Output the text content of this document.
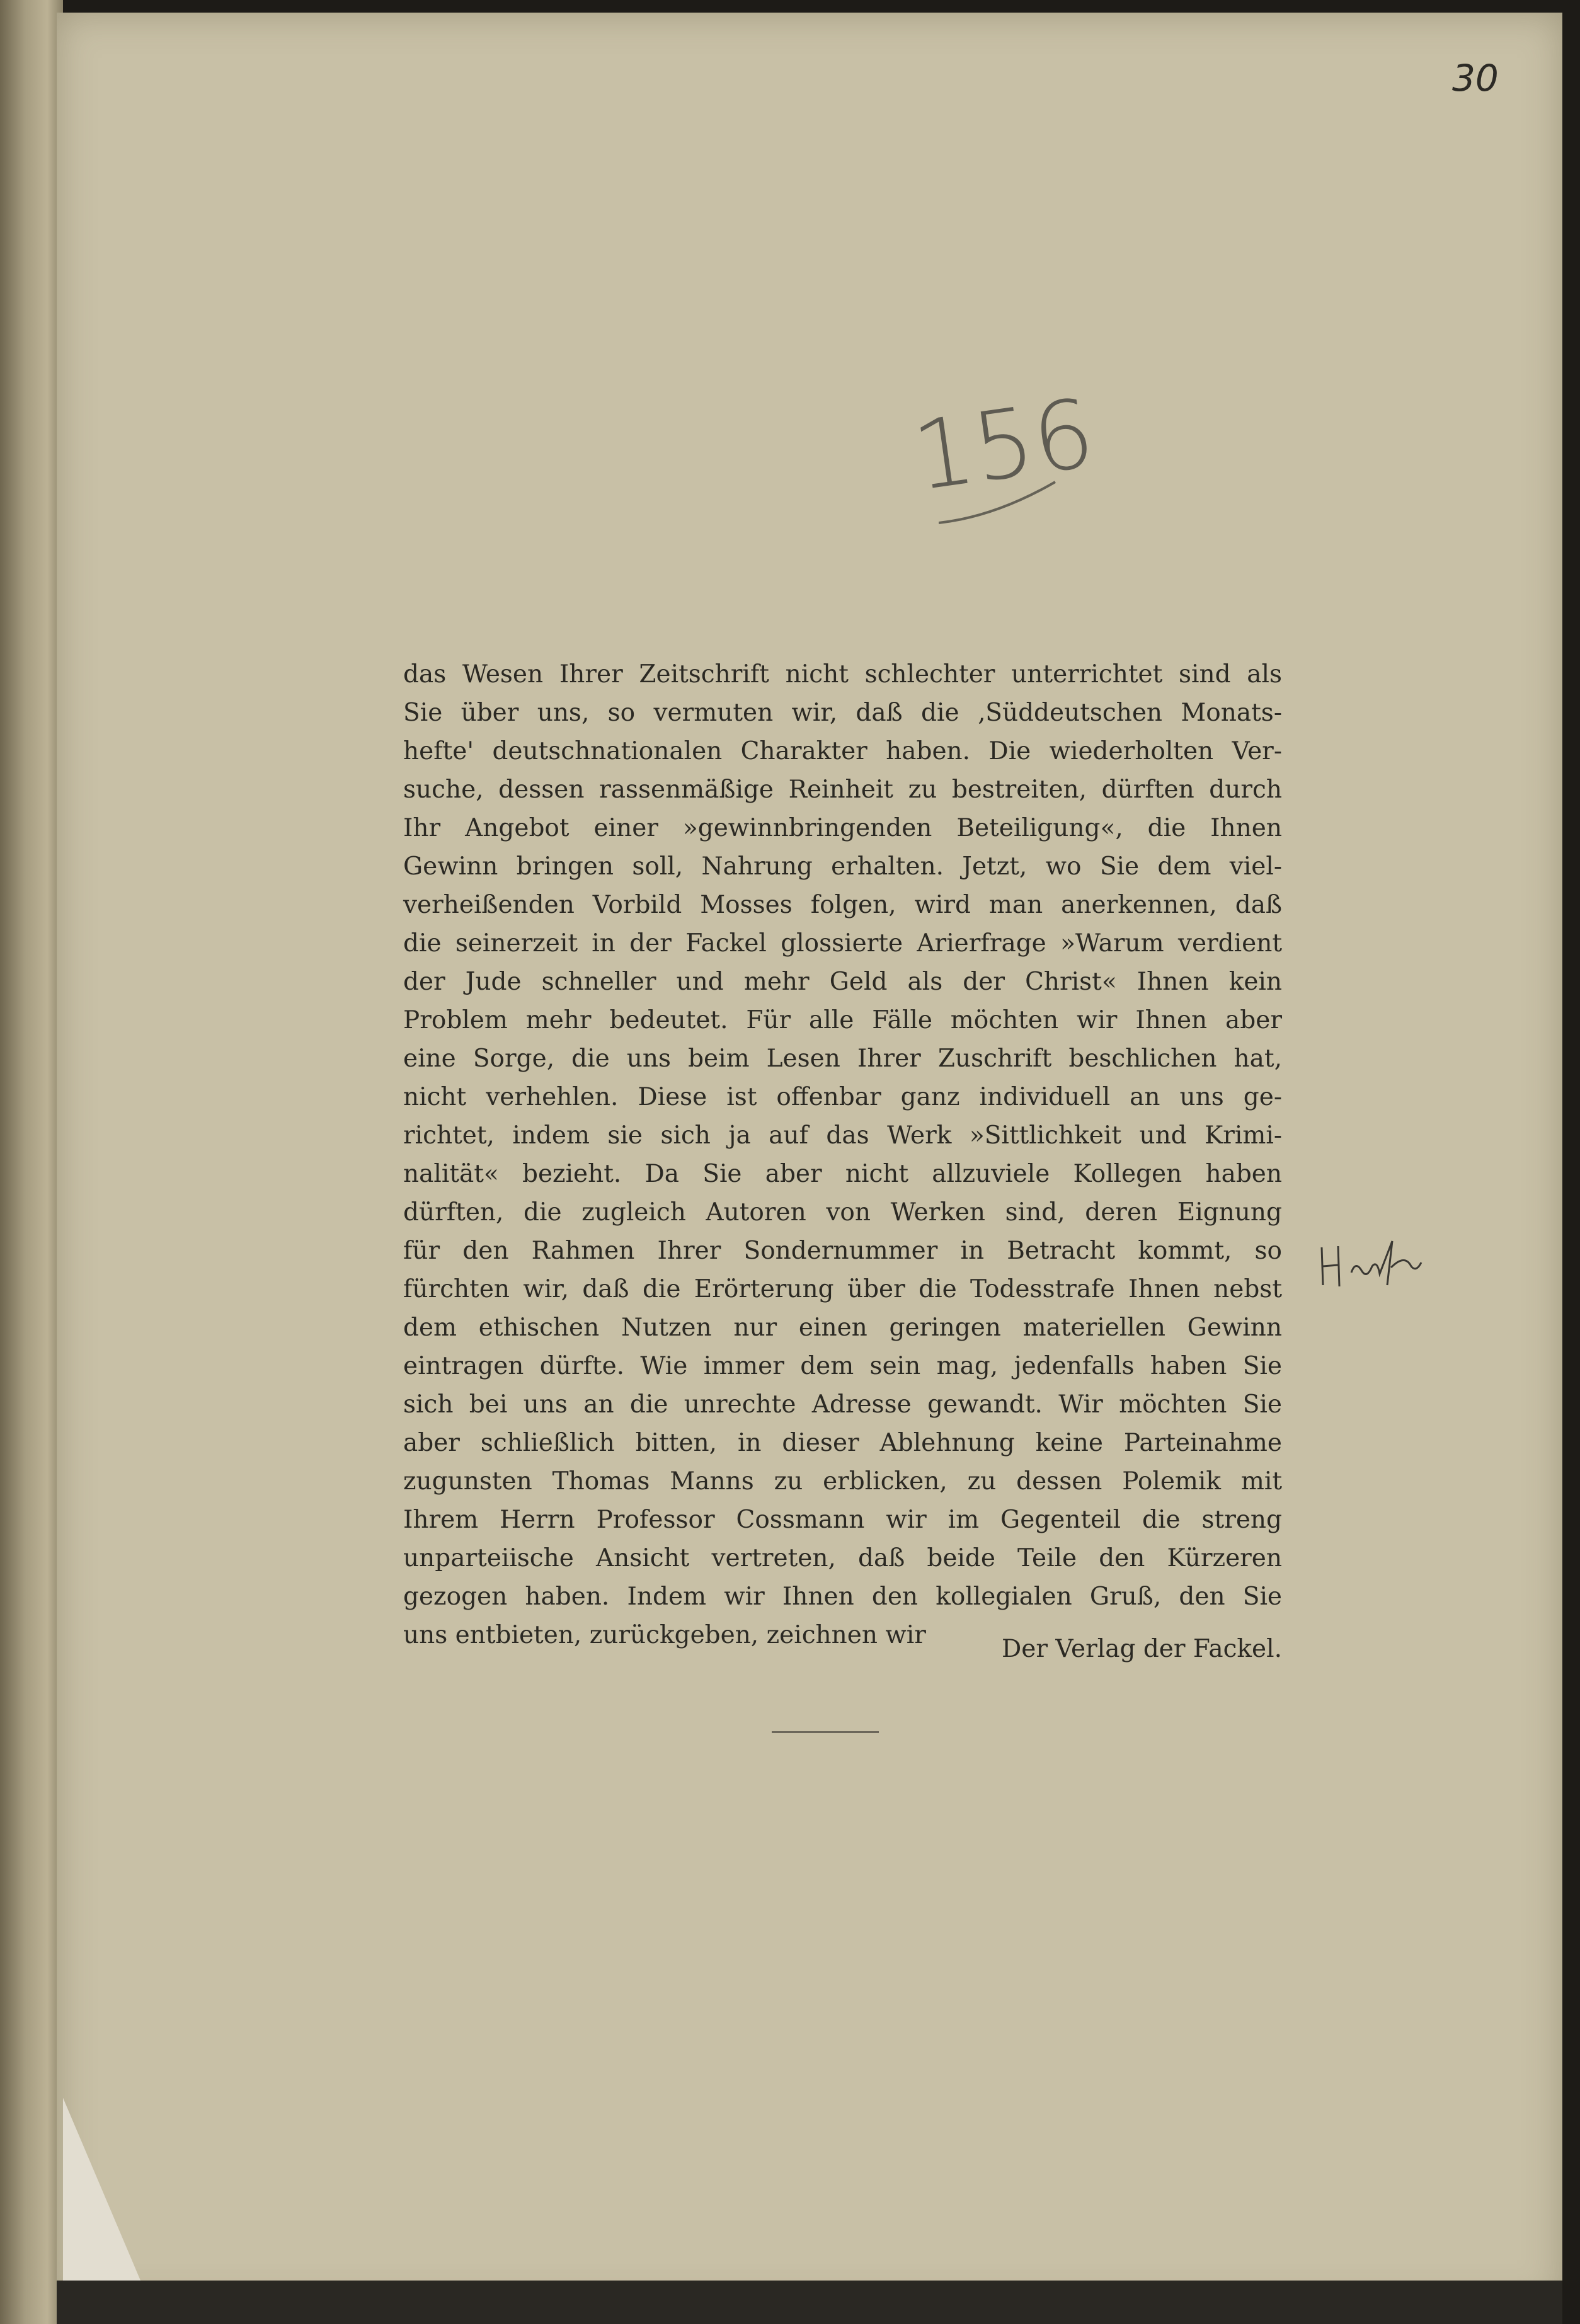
30
156
das Wesen Ihrer Zeitschrift nicht schlechter unterrichtet sind als
Sie über uns, so vermuten wir, daß die ‚Süddeutschen Monats-
hefte' deutschnationalen Charakter haben. Die wiederholten Ver-
suche, dessen rassenmäßige Reinheit zu bestreiten, dürften durch
Ihr Angebot einer »gewinnbringenden Beteiligung«, die Ihnen
Gewinn bringen soll, Nahrung erhalten. Jetzt, wo Sie dem viel-
verheißenden Vorbild Mosses folgen, wird man anerkennen, daß
die seinerzeit in der Fackel glossierte Arierfrage »Warum verdient
der Jude schneller und mehr Geld als der Christ« Ihnen kein
Problem mehr bedeutet. Für alle Fälle möchten wir Ihnen aber
eine Sorge, die uns beim Lesen Ihrer Zuschrift beschlichen hat,
nicht verhehlen. Diese ist offenbar ganz individuell an uns ge-
richtet, indem sie sich ja auf das Werk »Sittlichkeit und Krimi-
nalität« bezieht. Da Sie aber nicht allzuviele Kollegen haben
dürften, die zugleich Autoren von Werken sind, deren Eignung
für den Rahmen Ihrer Sondernummer in Betracht kommt, so
fürchten wir, daß die Erörterung über die Todesstrafe Ihnen nebst
dem ethischen Nutzen nur einen geringen materiellen Gewinn
eintragen dürfte. Wie immer dem sein mag, jedenfalls haben Sie
sich bei uns an die unrechte Adresse gewandt. Wir möchten Sie
aber schließlich bitten, in dieser Ablehnung keine Parteinahme
zugunsten Thomas Manns zu erblicken, zu dessen Polemik mit
Ihrem Herrn Professor Cossmann wir im Gegenteil die streng
unparteiische Ansicht vertreten, daß beide Teile den Kürzeren
gezogen haben. Indem wir Ihnen den kollegialen Gruß, den Sie
uns entbieten, zurückgeben, zeichnen wir	Der Verlag der Fackel.
